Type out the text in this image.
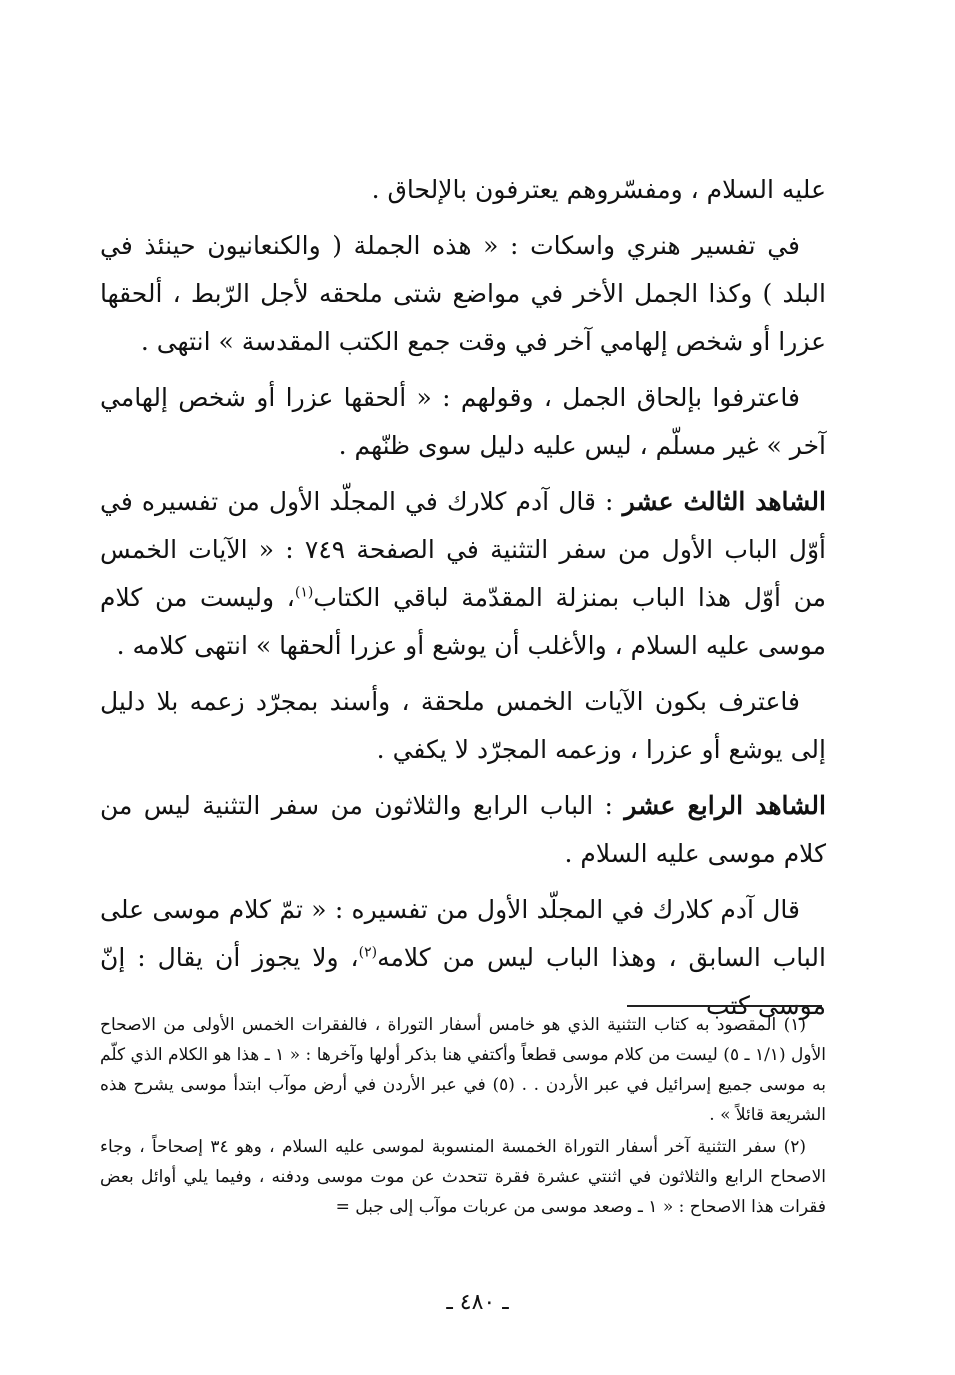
عليه السلام ، ومفسّروهم يعترفون بالإلحاق .

في تفسير هنري واسكات : « هذه الجملة ( والكنعانيون حينئذ في البلد ) وكذا الجمل الأخر في مواضع شتى ملحقه لأجل الرّبط ، ألحقها عزرا أو شخص إلهامي آخر في وقت جمع الكتب المقدسة » انتهى .

فاعترفوا بإلحاق الجمل ، وقولهم : « ألحقها عزرا أو شخص إلهامي آخر » غير مسلّم ، ليس عليه دليل سوى ظنّهم .

الشاهد الثالث عشر : قال آدم كلارك في المجلّد الأول من تفسيره في أوّل الباب الأول من سفر التثنية في الصفحة ٧٤٩ : « الآيات الخمس من أوّل هذا الباب بمنزلة المقدّمة لباقي الكتاب$^{(١)}$، وليست من كلام موسى عليه السلام ، والأغلب أن يوشع أو عزرا ألحقها » انتهى كلامه .

فاعترف بكون الآيات الخمس ملحقة ، وأسند بمجرّد زعمه بلا دليل إلى يوشع أو عزرا ، وزعمه المجرّد لا يكفي .

الشاهد الرابع عشر : الباب الرابع والثلاثون من سفر التثنية ليس من كلام موسى عليه السلام .

قال آدم كلارك في المجلّد الأول من تفسيره : « تمّ كلام موسى على الباب السابق ، وهذا الباب ليس من كلامه$^{(٢)}$، ولا يجوز أن يقال : إنّ موسى كتب

(١) المقصود به كتاب التثنية الذي هو خامس أسفار التوراة ، فالفقرات الخمس الأولى من الاصحاح الأول (١/١ ـ ٥) ليست من كلام موسى قطعاً وأكتفي هنا بذكر أولها وآخرها : « ١ ـ هذا هو الكلام الذي كلّم به موسى جميع إسرائيل في عبر الأردن . . (٥) في عبر الأردن في أرض موآب ابتدأ موسى يشرح هذه الشريعة قائلاً » .

(٢) سفر التثنية آخر أسفار التوراة الخمسة المنسوبة لموسى عليه السلام ، وهو ٣٤ إصحاحاً ، وجاء الاصحاح الرابع والثلاثون في اثنتي عشرة فقرة تتحدث عن موت موسى ودفنه ، وفيما يلي أوائل بعض فقرات هذا الاصحاح : « ١ ـ وصعد موسى من عربات موآب إلى جبل =

ـ ٤٨٠ ـ
